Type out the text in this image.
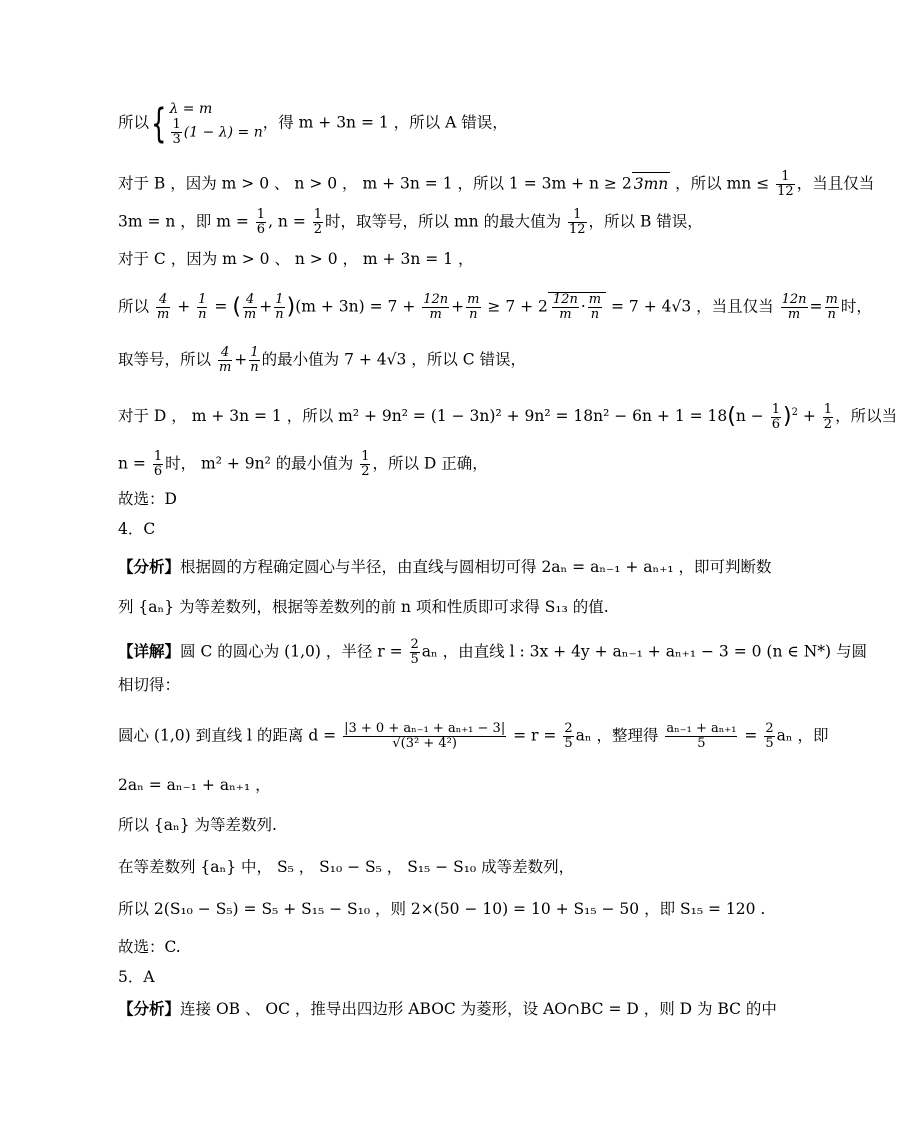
所以{ λ = m
$\frac{1}{3} (1 - \lambda) = n$
，得 m + 3n = 1 ，所以 A 错误，
对于 B ，因为 m > 0 、 n > 0 ， m + 3n = 1 ，所以 1 = 3m + n ≥ 2 3mn ，所以 mn ≤ $\frac{1}{12}$ ，当且仅当
3m = n ，即 $m = \frac{1}{6}$ , $n = \frac{1}{2}$ 时，取等号，所以 mn 的最大值为 $\frac{1}{12}$ ，所以 B 错误，
对于 C ，因为 m > 0 、 n > 0 ， m + 3n = 1 ，
所以 $\frac{4}{m} + \frac{1}{n}$ = ( $\frac{4}{m} + \frac{1}{n} )(m + 3n) = 7 + \frac{12n}{m} + \frac{m}{n} \ge 7 + 2 \frac{12n}{m} \cdot \frac{m}{n} = 7 + 4√3$ ，当且仅当 $\frac{12n}{m} = \frac{m}{n}$ 时，
取等号，所以 $\frac{4}{m} + \frac{1}{n}$ 的最小值为 7 + 4√3 ，所以 C 错误，
对于 D ， m + 3n = 1 ，所以 $m^2 + 9n^2 = (1 - 3n)^2 + 9n^2 = 18n^2 - 6n + 1 = 18(n - \frac{1}{6} )^2 + \frac{1}{2}$ ，所以当
$n = \frac{1}{6}$ 时， m² + 9n² 的最小值为 $\frac{1}{2}$ ，所以 D 正确，
故选：D
4．C
【分析】根据圆的方程确定圆心与半径，由直线与圆相切可得 2aₙ = aₙ₋₁ + aₙ₊₁ ，即可判断数
列 {aₙ} 为等差数列，根据等差数列的前 n 项和性质即可求得 S₁₃ 的值.
【详解】圆 C 的圆心为 (1,0) ，半径 $r = \frac{2}{5}$ aₙ ，由直线 l : 3x + 4y + aₙ₋₁ + aₙ₊₁ − 3 = 0 (n ∈ N*) 与圆
相切得：
圆心 (1,0) 到直线 l 的距离 $d = \frac{\text{|3 + 0 + aₙ₋₁ + aₙ₊₁ − 3|}}{\text{√(3² + 4²)}} = r = \frac{2}{5}$ aₙ ，整理得 $\frac{\text{aₙ₋₁ + aₙ₊₁}}{5} = \frac{2}{5}$ aₙ ，即
2aₙ = aₙ₋₁ + aₙ₊₁ ，
所以 {aₙ} 为等差数列.
在等差数列 {aₙ} 中， S₅ ， S₁₀ − S₅ ， S₁₅ − S₁₀ 成等差数列，
所以 2(S₁₀ − S₅) = S₅ + S₁₅ − S₁₀ ，则 2×(50 − 10) = 10 + S₁₅ − 50 ，即 S₁₅ = 120 .
故选：C.
5．A
【分析】连接 OB 、 OC ，推导出四边形 ABOC 为菱形，设 AO∩BC = D ，则 D 为 BC 的中
